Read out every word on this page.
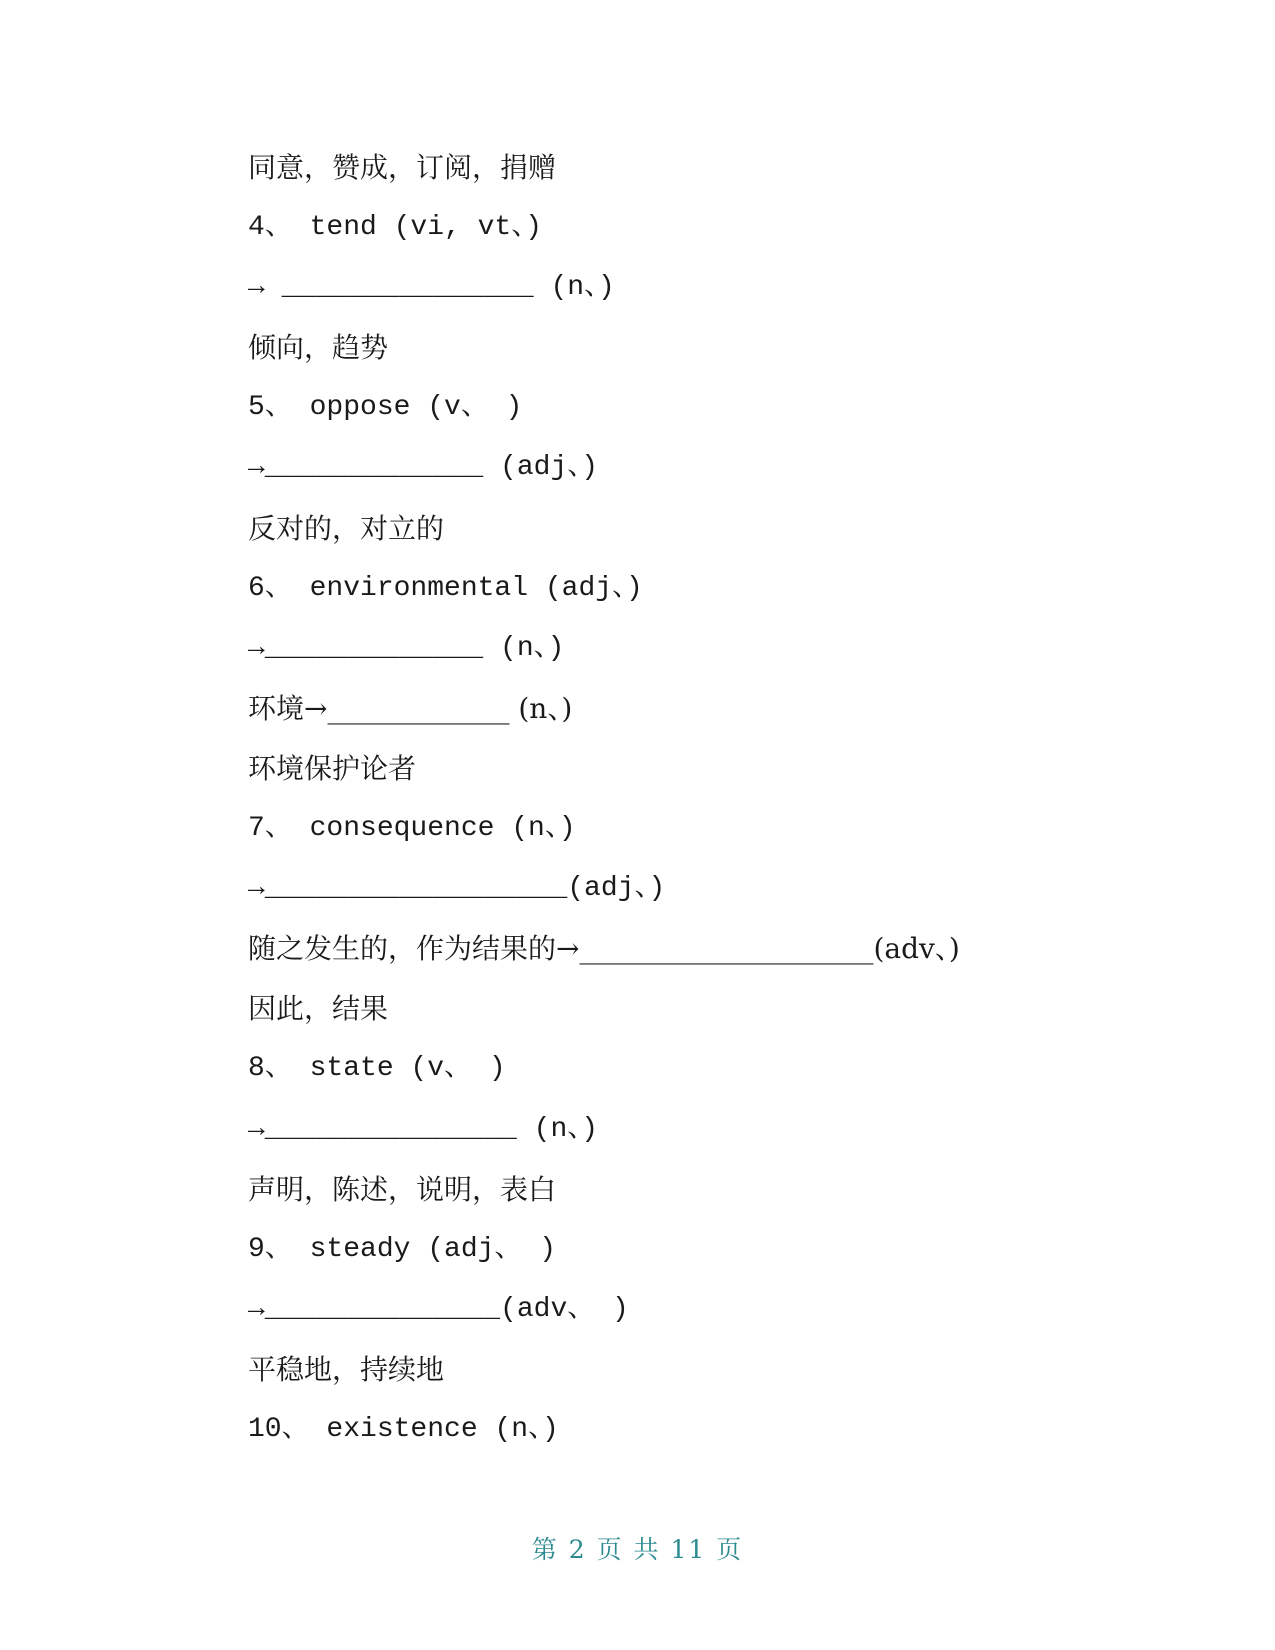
同意，赞成，订阅，捐赠
4、 tend (vi, vt、)
→ _______________ (n、)
倾向，趋势
5、 oppose (v、 )
→_____________ (adj、)
反对的，对立的
6、 environmental (adj、)
→_____________ (n、)
环境→_____________ (n、)
环境保护论者
7、 consequence (n、)
→__________________(adj、)
随之发生的，作为结果的→_____________________(adv、)
因此，结果
8、 state (v、 )
→_______________ (n、)
声明，陈述，说明，表白
9、 steady (adj、 )
→______________(adv、 )
平稳地，持续地
10、 existence (n、)
第 2 页 共 11 页
